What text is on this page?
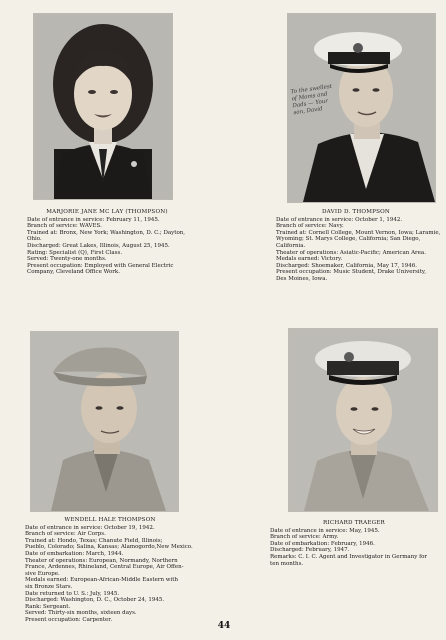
To the swellest of Moms and Dads — Your son, David
MARJORIE JANE MC LAY (THOMPSON)
Date of entrance in service: February 11, 1945.
Branch of service: WAVES.
Trained at: Bronx, New York; Washington, D. C.; Dayton,
Ohio.
Discharged: Great Lakes, Illinois, August 25, 1945.
Rating: Specialist (Q), First Class.
Served: Twenty-one months.
Present occupation: Employed with General Electric
Company, Cleveland Office Work.
DAVID D. THOMPSON
Date of entrance in service: October 1, 1942.
Branch of service: Navy.
Trained at: Cornell College, Mount Vernon, Iowa; Laramie,
Wyoming; St. Marys College, California; San Diego,
California.
Theater of operations: Asiatic-Pacific; American Area.
Medals earned: Victory.
Discharged: Shoemaker, California, May 17, 1946.
Present occupation: Music Student, Drake University,
Des Moines, Iowa.
WENDELL HALE THOMPSON
Date of entrance in service: October 19, 1942.
Branch of service: Air Corps.
Trained at: Hondo, Texas; Chanute Field, Illinois;
Pueblo, Colorado; Salina, Kansas; Alamogordo,New Mexico.
Date of embarkation: March, 1944.
Theater of operations: European, Normandy, Northern
France, Ardennes, Rhineland, Central Europe, Air Offen-
sive Europe.
Medals earned: European-African-Middle Eastern with
six Bronze Stars.
Date returned to U. S.: July, 1945.
Discharged: Washington, D. C., October 24, 1945.
Rank: Sergeant.
Served: Thirty-six months, sixteen days.
Present occupation: Carpenter.
RICHARD TRAEGER
Date of entrance in service: May, 1945.
Branch of service: Army.
Date of embarkation: February, 1946.
Discharged: February, 1947.
Remarks: C. I. C. Agent and Investigator in Germany for
ten months.
44
